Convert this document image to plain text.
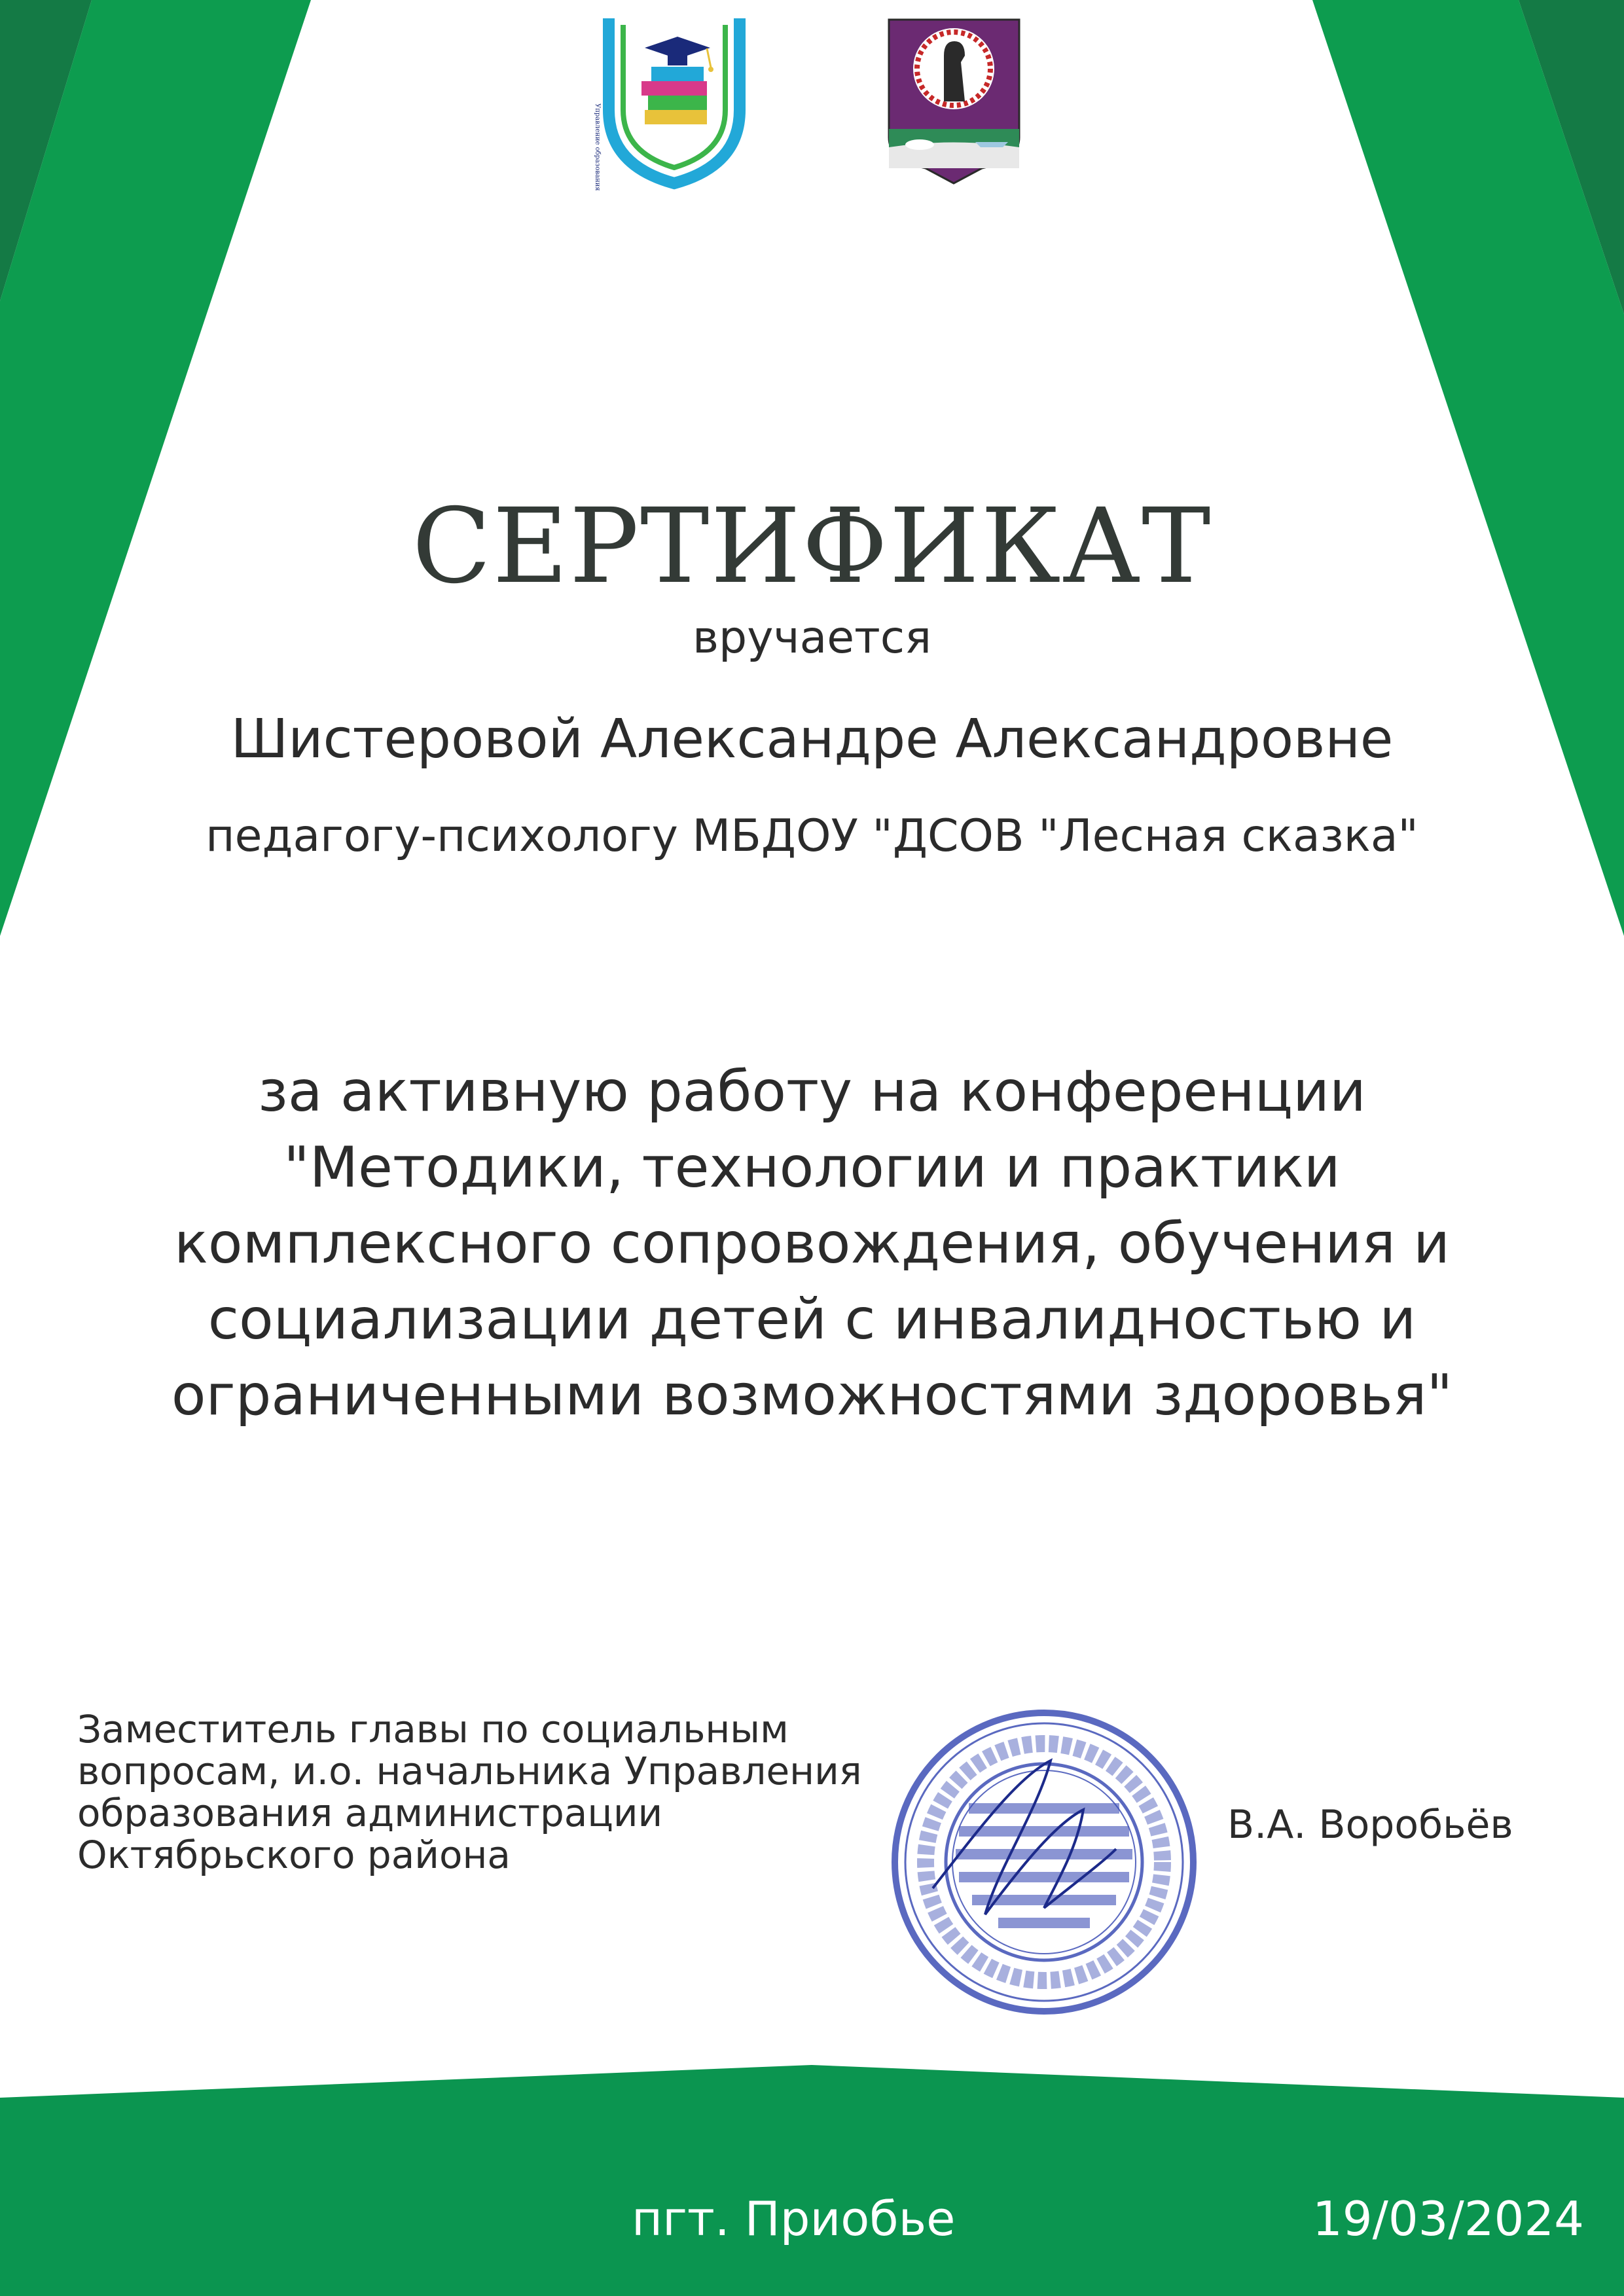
Управление образования
СЕРТИФИКАТ
вручается
Шистеровой Александре Александровне
педагогу-психологу МБДОУ "ДСОВ "Лесная сказка"
за активную работу на конференции
"Методики, технологии и практики
комплексного сопровождения, обучения и
социализации детей с инвалидностью и
ограниченными возможностями здоровья"
Заместитель главы по социальным
вопросам, и.о. начальника Управления
образования администрации
Октябрьского района
В.А. Воробьёв
пгт. Приобье	19/03/2024
